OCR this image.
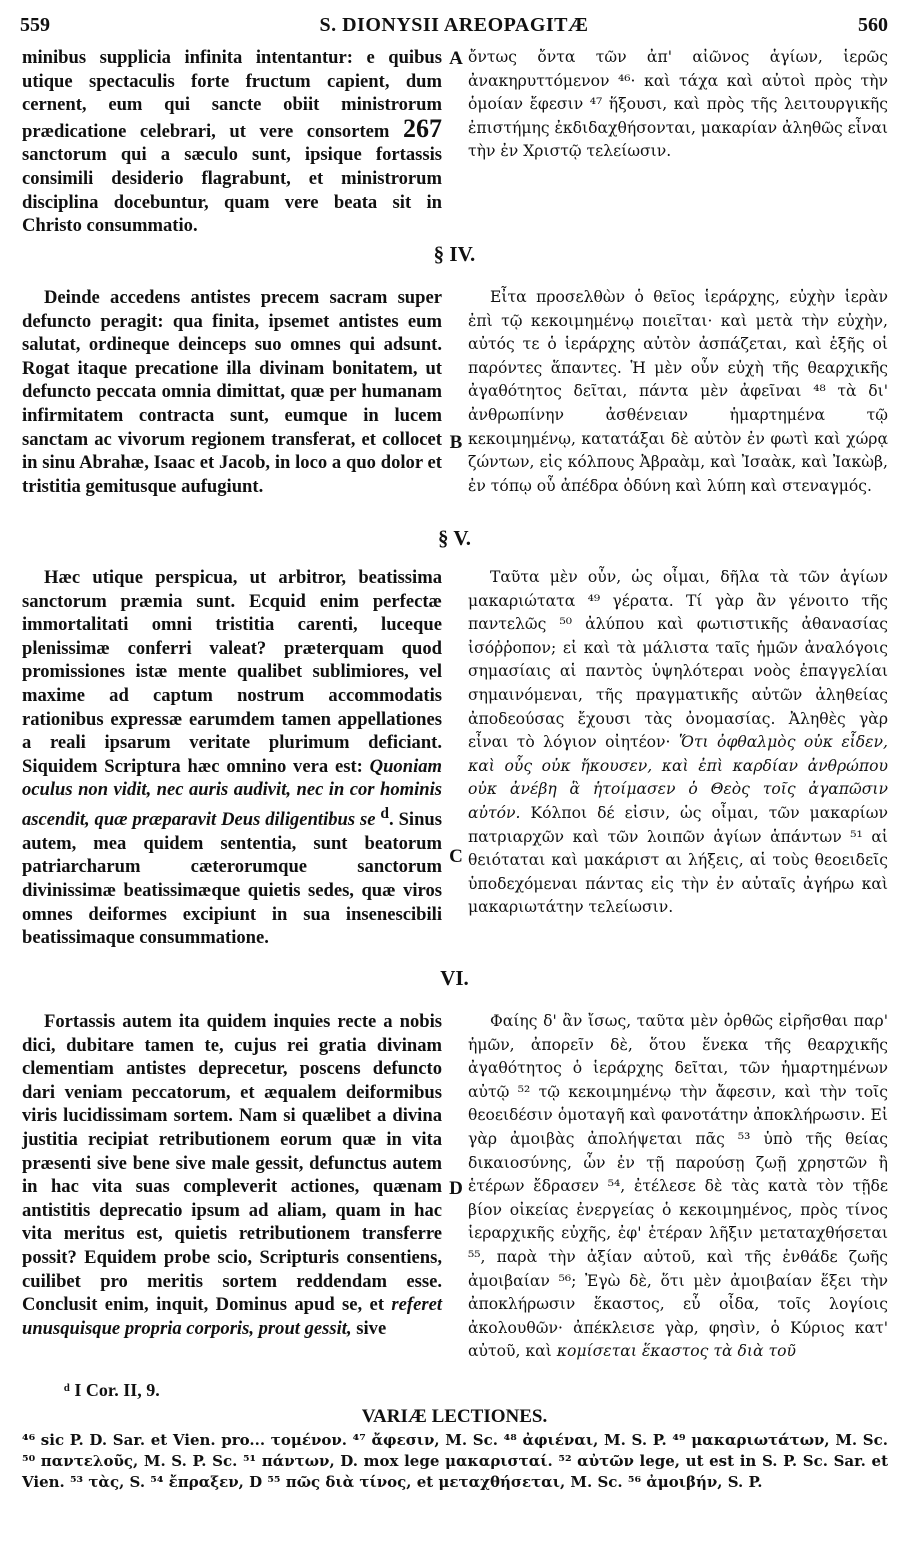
559	S. DIONYSII AREOPAGITÆ	560

minibus supplicia infinita intentantur: e quibus utique spectaculis forte fructum capient, dum cernent, eum qui sancte obiit ministrorum prædicatione celebrari, ut vere consortem 267 sanctorum qui a sæculo sunt, ipsique fortassis consimili desiderio flagrabunt, et ministrorum disciplina docebuntur, quam vere beata sit in Christo consummatio.

A ὄντως ὄντα τῶν ἀπ' αἰῶνος ἁγίων, ἱερῶς ἀνακηρυττόμενον ⁴⁶· καὶ τάχα καὶ αὐτοὶ πρὸς τὴν ὁμοίαν ἔφεσιν ⁴⁷ ἥξουσι, καὶ πρὸς τῆς λειτουργικῆς ἐπιστήμης ἐκδιδαχθήσονται, μακαρίαν ἀληθῶς εἶναι τὴν ἐν Χριστῷ τελείωσιν.

§ IV.

Deinde accedens antistes precem sacram super defuncto peragit: qua finita, ipsemet antistes eum salutat, ordineque deinceps suo omnes qui adsunt. Rogat itaque precatione illa divinam bonitatem, ut defuncto peccata omnia dimittat, quæ per humanam infirmitatem contracta sunt, eumque in lucem sanctam ac vivorum regionem transferat, et collocet in sinu Abrahæ, Isaac et Jacob, in loco a quo dolor et tristitia gemitusque aufugiunt.

B

Εἶτα προσελθὼν ὁ θεῖος ἱεράρχης, εὐχὴν ἱερὰν ἐπὶ τῷ κεκοιμημένῳ ποιεῖται· καὶ μετὰ τὴν εὐχὴν, αὐτός τε ὁ ἱεράρχης αὐτὸν ἀσπάζεται, καὶ ἑξῆς οἱ παρόντες ἅπαντες. Ἡ μὲν οὖν εὐχὴ τῆς θεαρχικῆς ἀγαθότητος δεῖται, πάντα μὲν ἀφεῖναι ⁴⁸ τὰ δι' ἀνθρωπίνην ἀσθένειαν ἡμαρτημένα τῷ κεκοιμημένῳ, κατατάξαι δὲ αὐτὸν ἐν φωτὶ καὶ χώρᾳ ζώντων, εἰς κόλπους Ἀβραὰμ, καὶ Ἰσαὰκ, καὶ Ἰακὼβ, ἐν τόπῳ οὗ ἀπέδρα ὀδύνη καὶ λύπη καὶ στεναγμός.

§ V.

Hæc utique perspicua, ut arbitror, beatissima sanctorum præmia sunt. Ecquid enim perfectæ immortalitati omni tristitia carenti, luceque plenissimæ conferri valeat? præterquam quod promissiones istæ mente qualibet sublimiores, vel maxime ad captum nostrum accommodatis rationibus expressæ earumdem tamen appellationes a reali ipsarum veritate plurimum deficiant. Siquidem Scriptura hæc omnino vera est: Quoniam oculus non vidit, nec auris audivit, nec in cor hominis ascendit, quæ præparavit Deus diligentibus se $^d$. Sinus autem, mea quidem sententia, sunt beatorum patriarcharum cæterorumque sanctorum divinissimæ beatissimæque quietis sedes, quæ viros omnes deiformes excipiunt in sua insenescibili beatissimaque consummatione.

C

Ταῦτα μὲν οὖν, ὡς οἶμαι, δῆλα τὰ τῶν ἁγίων μακαριώτατα ⁴⁹ γέρατα. Τί γὰρ ἂν γένοιτο τῆς παντελῶς ⁵⁰ ἀλύπου καὶ φωτιστικῆς ἀθανασίας ἰσόῤῥοπον; εἰ καὶ τὰ μάλιστα ταῖς ἡμῶν ἀναλόγοις σημασίαις αἱ παντὸς ὑψηλότεραι νοὸς ἐπαγγελίαι σημαινόμεναι, τῆς πραγματικῆς αὐτῶν ἀληθείας ἀποδεούσας ἔχουσι τὰς ὀνομασίας. Ἀληθὲς γὰρ εἶναι τὸ λόγιον οἰητέον· Ὅτι ὀφθαλμὸς οὐκ εἶδεν, καὶ οὖς οὐκ ἤκουσεν, καὶ ἐπὶ καρδίαν ἀνθρώπου οὐκ ἀνέβη ἃ ἡτοίμασεν ὁ Θεὸς τοῖς ἀγαπῶσιν αὐτόν. Κόλποι δέ εἰσιν, ὡς οἶμαι, τῶν μακαρίων πατριαρχῶν καὶ τῶν λοιπῶν ἁγίων ἁπάντων ⁵¹ αἱ θειόταται καὶ μακάριστ αι λήξεις, αἱ τοὺς θεοειδεῖς ὑποδεχόμεναι πάντας εἰς τὴν ἐν αὐταῖς ἀγήρω καὶ μακαριωτάτην τελείωσιν.

VI.

Fortassis autem ita quidem inquies recte a nobis dici, dubitare tamen te, cujus rei gratia divinam clementiam antistes deprecetur, poscens defuncto dari veniam peccatorum, et æqualem deiformibus viris lucidissimam sortem. Nam si quælibet a divina justitia recipiat retributionem eorum quæ in vita præsenti sive bene sive male gessit, defunctus autem in hac vita suas compleverit actiones, quænam antistitis deprecatio ipsum ad aliam, quam in hac vita meritus est, quietis retributionem transferre possit? Equidem probe scio, Scripturis consentiens, cuilibet pro meritis sortem reddendam esse. Conclusit enim, inquit, Dominus apud se, et referet unusquisque propria corporis, prout gessit, sive

D

Φαίης δ' ἂν ἴσως, ταῦτα μὲν ὀρθῶς εἰρῆσθαι παρ' ἡμῶν, ἀπορεῖν δὲ, ὅτου ἕνεκα τῆς θεαρχικῆς ἀγαθότητος ὁ ἱεράρχης δεῖται, τῶν ἡμαρτημένων αὐτῷ ⁵² τῷ κεκοιμημένῳ τὴν ἄφεσιν, καὶ τὴν τοῖς θεοειδέσιν ὁμοταγῆ καὶ φανοτάτην ἀποκλήρωσιν. Εἰ γὰρ ἀμοιβὰς ἀπολήψεται πᾶς ⁵³ ὑπὸ τῆς θείας δικαιοσύνης, ὧν ἐν τῇ παρούσῃ ζωῇ χρηστῶν ἢ ἑτέρων ἔδρασεν ⁵⁴, ἐτέλεσε δὲ τὰς κατὰ τὸν τῇδε βίον οἰκείας ἐνεργείας ὁ κεκοιμημένος, πρὸς τίνος ἱεραρχικῆς εὐχῆς, ἐφ' ἑτέραν λῆξιν μεταταχθήσεται ⁵⁵, παρὰ τὴν ἀξίαν αὐτοῦ, καὶ τῆς ἐνθάδε ζωῆς ἀμοιβαίαν ⁵⁶; Ἐγὼ δὲ, ὅτι μὲν ἀμοιβαίαν ἕξει τὴν ἀποκλήρωσιν ἕκαστος, εὖ οἶδα, τοῖς λογίοις ἀκολουθῶν· ἀπέκλεισε γὰρ, φησὶν, ὁ Κύριος κατ' αὐτοῦ, καὶ κομίσεται ἕκαστος τὰ διὰ τοῦ

ᵈ I Cor. II, 9.
VARIÆ LECTIONES.
⁴⁶ sic P. D. Sar. et Vien. pro... τομένον. ⁴⁷ ἄφεσιν, M. Sc. ⁴⁸ ἀφιέναι, M. S. P. ⁴⁹ μακαριωτάτων, M. Sc. ⁵⁰ παντελοῦς, M. S. P. Sc. ⁵¹ πάντων, D. mox lege μακαρισταί. ⁵² αὐτῶν lege, ut est in S. P. Sc. Sar. et Vien. ⁵³ τὰς, S. ⁵⁴ ἔπραξεν, D ⁵⁵ πῶς διὰ τίνος, et μεταχθήσεται, M. Sc. ⁵⁶ ἀμοιβήν, S. P.
